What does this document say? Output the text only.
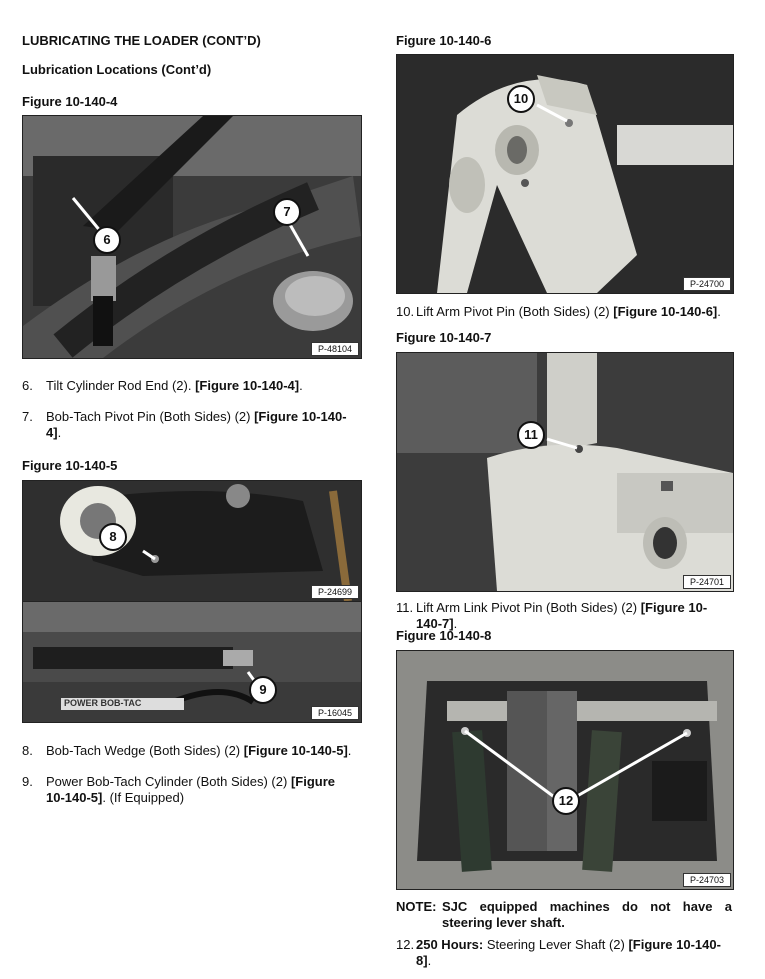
LUBRICATING THE LOADER (CONT’D)
Lubrication Locations (Cont’d)
Figure 10-140-4
6
7
P-48104
6. Tilt Cylinder Rod End (2). [Figure 10-140-4].
7. Bob-Tach Pivot Pin (Both Sides) (2) [Figure 10-140-
4].
Figure 10-140-5
8
P-24699
POWER BOB-TAC
9
P-16045
8. Bob-Tach Wedge (Both Sides) (2) [Figure 10-140-5].
9. Power Bob-Tach Cylinder (Both Sides) (2) [Figure
10-140-5]. (If Equipped)
Figure 10-140-6
10
P-24700
10. Lift Arm Pivot Pin (Both Sides) (2) [Figure 10-140-6].
Figure 10-140-7
11
P-24701
11. Lift Arm Link Pivot Pin (Both Sides) (2) [Figure 10-
140-7].
Figure 10-140-8
12
P-24703
NOTE: SJC equipped machines do not have a
steering lever shaft.
12. 250 Hours: Steering Lever Shaft (2) [Figure 10-140-
8].
